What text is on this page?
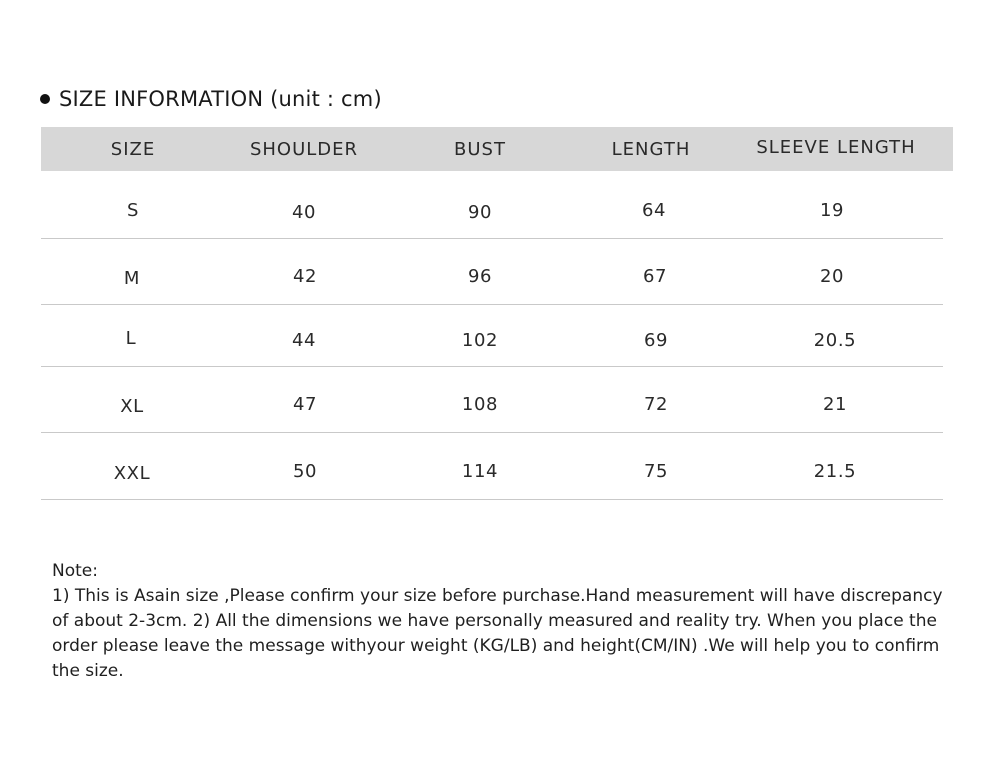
SIZE INFORMATION (unit : cm)
SIZE	SHOULDER	BUST	LENGTH	SLEEVE LENGTH
S	40	90	64	19
M	42	96	67	20
L	44	102	69	20.5
XL	47	108	72	21
XXL	50	114	75	21.5
Note:
1) This is Asain size ,Please confirm your size before purchase.Hand measurement will have discrepancy of about 2-3cm. 2) All the dimensions we have personally measured and reality try. When you place the order please leave the message withyour weight (KG/LB) and height(CM/IN) .We will help you to confirm the size.
